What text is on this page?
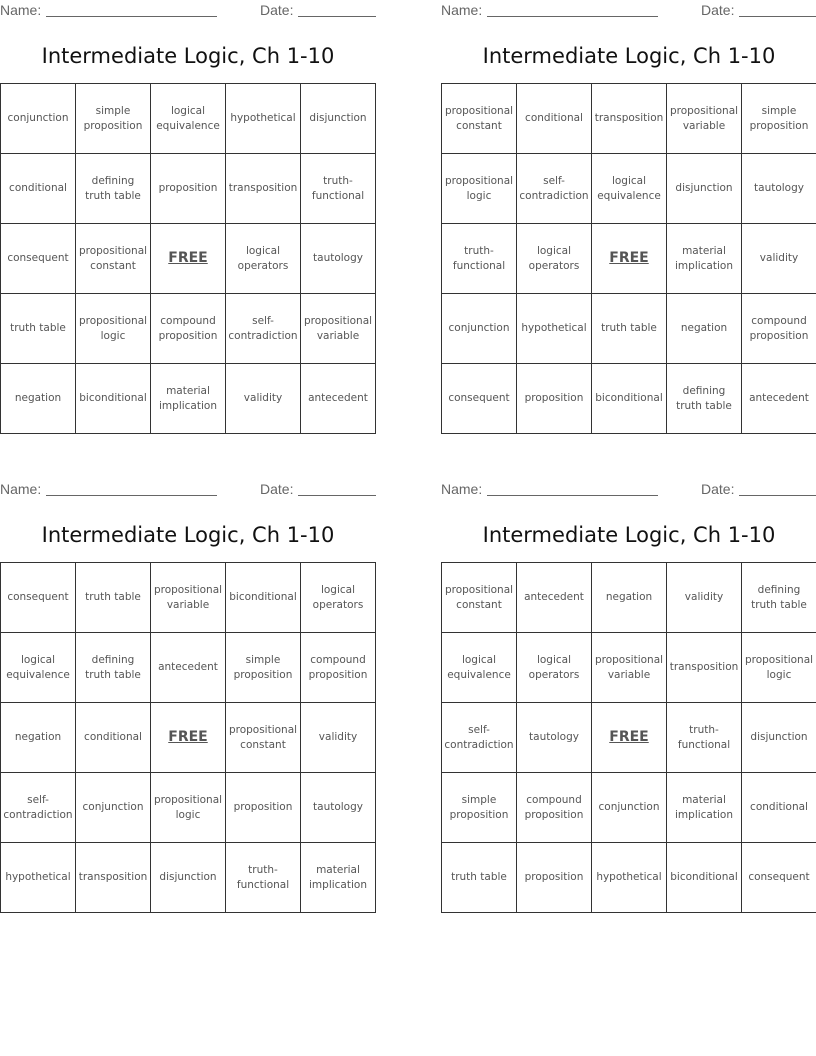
Name:	Date:
Intermediate Logic, Ch 1-10
conjunction	simple proposition	logical equivalence	hypothetical	disjunction
conditional	defining truth table	proposition	transposition	truth-functional
consequent	propositional constant	FREE	logical operators	tautology
truth table	propositional logic	compound proposition	self-contradiction	propositional variable
negation	biconditional	material implication	validity	antecedent
Name:	Date:
Intermediate Logic, Ch 1-10
propositional constant	conditional	transposition	propositional variable	simple proposition
propositional logic	self-contradiction	logical equivalence	disjunction	tautology
truth-functional	logical operators	FREE	material implication	validity
conjunction	hypothetical	truth table	negation	compound proposition
consequent	proposition	biconditional	defining truth table	antecedent
Name:	Date:
Intermediate Logic, Ch 1-10
consequent	truth table	propositional variable	biconditional	logical operators
logical equivalence	defining truth table	antecedent	simple proposition	compound proposition
negation	conditional	FREE	propositional constant	validity
self-contradiction	conjunction	propositional logic	proposition	tautology
hypothetical	transposition	disjunction	truth-functional	material implication
Name:	Date:
Intermediate Logic, Ch 1-10
propositional constant	antecedent	negation	validity	defining truth table
logical equivalence	logical operators	propositional variable	transposition	propositional logic
self-contradiction	tautology	FREE	truth-functional	disjunction
simple proposition	compound proposition	conjunction	material implication	conditional
truth table	proposition	hypothetical	biconditional	consequent
